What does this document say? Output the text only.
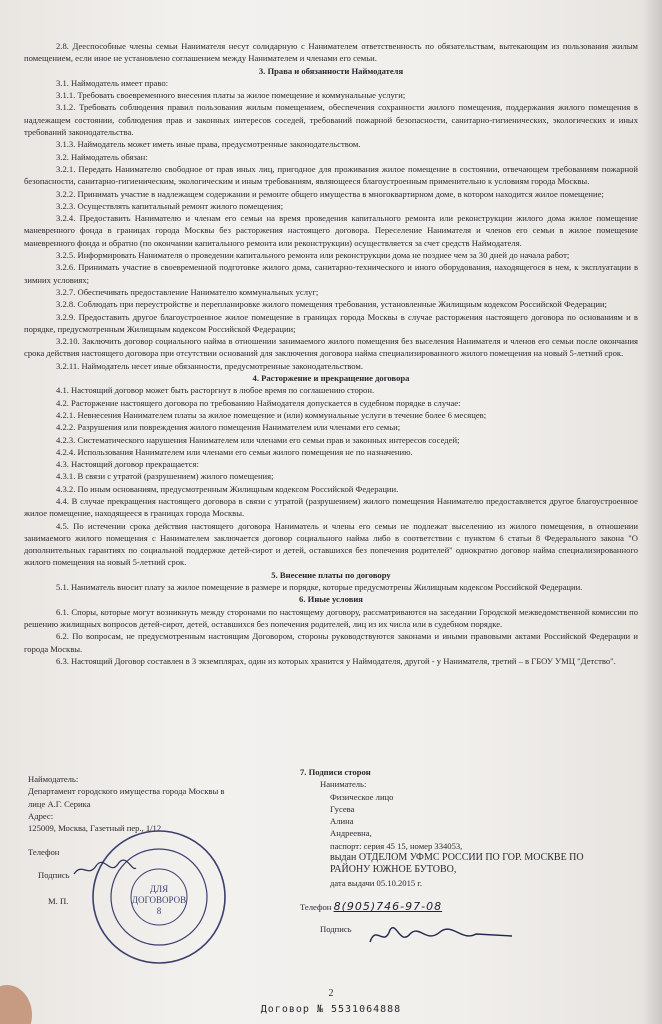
2.8. Дееспособные члены семьи Нанимателя несут солидарную с Нанимателем ответственность по обязательствам, вытекающим из пользования жилым помещением, если иное не установлено соглашением между Нанимателем и членами его семьи.

3. Права и обязанности Наймодателя

3.1. Наймодатель имеет право:

3.1.1. Требовать своевременного внесения платы за жилое помещение и коммунальные услуги;

3.1.2. Требовать соблюдения правил пользования жилым помещением, обеспечения сохранности жилого помещения, поддержания жилого помещения в надлежащем состоянии, соблюдения прав и законных интересов соседей, требований пожарной безопасности, санитарно-гигиенических, экологических и иных требований законодательства.

3.1.3. Наймодатель может иметь иные права, предусмотренные законодательством.

3.2. Наймодатель обязан:

3.2.1. Передать Нанимателю свободное от прав иных лиц, пригодное для проживания жилое помещение в состоянии, отвечающем требованиям пожарной безопасности, санитарно-гигиеническим, экологическим и иным требованиям, являющееся благоустроенным применительно к условиям города Москвы.

3.2.2. Принимать участие в надлежащем содержании и ремонте общего имущества в многоквартирном доме, в котором находится жилое помещение;

3.2.3. Осуществлять капитальный ремонт жилого помещения;

3.2.4. Предоставить Нанимателю и членам его семьи на время проведения капитального ремонта или реконструкции жилого дома жилое помещение маневренного фонда в границах города Москвы без расторжения настоящего договора. Переселение Нанимателя и членов его семьи в жилое помещение маневренного фонда и обратно (по окончании капитального ремонта или реконструкции) осуществляется за счет средств Наймодателя.

3.2.5. Информировать Нанимателя о проведении капитального ремонта или реконструкции дома не позднее чем за 30 дней до начала работ;

3.2.6. Принимать участие в своевременной подготовке жилого дома, санитарно-технического и иного оборудования, находящегося в нем, к эксплуатации в зимних условиях;

3.2.7. Обеспечивать предоставление Нанимателю коммунальных услуг;

3.2.8. Соблюдать при переустройстве и перепланировке жилого помещения требования, установленные Жилищным кодексом Российской Федерации;

3.2.9. Предоставить другое благоустроенное жилое помещение в границах города Москвы в случае расторжения настоящего договора по основаниям и в порядке, предусмотренным Жилищным кодексом Российской Федерации;

3.2.10. Заключить договор социального найма в отношении занимаемого жилого помещения без выселения Нанимателя и членов его семьи после окончания срока действия настоящего договора при отсутствии оснований для заключения договора найма специализированного жилого помещения на новый 5-летний срок.

3.2.11. Наймодатель несет иные обязанности, предусмотренные законодательством.

4. Расторжение и прекращение договора

4.1. Настоящий договор может быть расторгнут в любое время по соглашению сторон.

4.2. Расторжение настоящего договора по требованию Наймодателя допускается в судебном порядке в случае:

4.2.1. Невнесения Нанимателем платы за жилое помещение и (или) коммунальные услуги в течение более 6 месяцев;

4.2.2. Разрушения или повреждения жилого помещения Нанимателем или членами его семьи;

4.2.3. Систематического нарушения Нанимателем или членами его семьи прав и законных интересов соседей;

4.2.4. Использования Нанимателем или членами его семьи жилого помещения не по назначению.

4.3. Настоящий договор прекращается:

4.3.1. В связи с утратой (разрушением) жилого помещения;

4.3.2. По иным основаниям, предусмотренным Жилищным кодексом Российской Федерации.

4.4. В случае прекращения настоящего договора в связи с утратой (разрушением) жилого помещения Нанимателю предоставляется другое благоустроенное жилое помещение, находящееся в границах города Москвы.

4.5. По истечении срока действия настоящего договора Наниматель и члены его семьи не подлежат выселению из жилого помещения, в отношении занимаемого жилого помещения с Нанимателем заключается договор социального найма либо в соответствии с пунктом 6 статьи 8 Федерального закона "О дополнительных гарантиях по социальной поддержке детей-сирот и детей, оставшихся без попечения родителей" однократно договор найма специализированного жилого помещения на новый 5-летний срок.

5. Внесение платы по договору

5.1. Наниматель вносит плату за жилое помещение в размере и порядке, которые предусмотрены Жилищным кодексом Российской Федерации.

6. Иные условия

6.1. Споры, которые могут возникнуть между сторонами по настоящему договору, рассматриваются на заседании Городской межведомственной комиссии по решению жилищных вопросов детей-сирот, детей, оставшихся без попечения родителей, лиц из их числа или в судебном порядке.

6.2. По вопросам, не предусмотренным настоящим Договором, стороны руководствуются законами и иными правовыми актами Российской Федерации и города Москвы.

6.3. Настоящий Договор составлен в 3 экземплярах, один из которых хранится у Наймодателя, другой - у Нанимателя, третий – в ГБОУ УМЦ "Детство".

Наймодатель:

Департамент городского имущества города Москвы в

лице А.Г. Серика

Адрес:

125009, Москва, Газетный пер., 1/12

Телефон

Подпись

М. П.

ДЛЯ
ДОГОВОРОВ
8

7. Подписи сторон

Наниматель:

Физическое лицо

Гусева

Алина

Андреевна,

паспорт: серия 45 15, номер 334053,

выдан ОТДЕЛОМ УФМС РОССИИ ПО ГОР. МОСКВЕ ПО

РАЙОНУ ЮЖНОЕ БУТОВО,

дата выдачи 05.10.2015 г.

Телефон 8(905)746-97-08

Подпись

2
Договор № 5531064888
